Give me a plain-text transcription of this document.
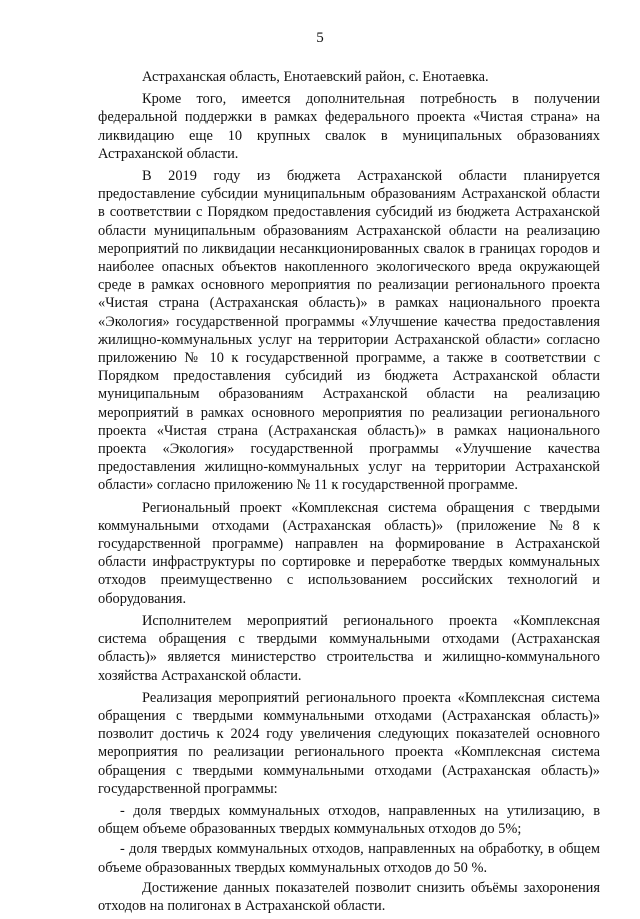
5

Астраханская область, Енотаевский район, с. Енотаевка.

Кроме того, имеется дополнительная потребность в получении федеральной поддержки в рамках федерального проекта «Чистая страна» на ликвидацию еще 10 крупных свалок в муниципальных образованиях Астраханской области.

В 2019 году из бюджета Астраханской области планируется предоставление субсидии муниципальным образованиям Астраханской области в соответствии с Порядком предоставления субсидий из бюджета Астраханской области муниципальным образованиям Астраханской области на реализацию мероприятий по ликвидации несанкционированных свалок в границах городов и наиболее опасных объектов накопленного экологического вреда окружающей среде в рамках основного мероприятия по реализации регионального проекта «Чистая страна (Астраханская область)» в рамках национального проекта «Экология» государственной программы «Улучшение качества предоставления жилищно-коммунальных услуг на территории Астраханской области» согласно приложению № 10 к государственной программе, а также в соответствии с Порядком предоставления субсидий из бюджета Астраханской области муниципальным образованиям Астраханской области на реализацию мероприятий в рамках основного мероприятия по реализации регионального проекта «Чистая страна (Астраханская область)» в рамках национального проекта «Экология» государственной программы «Улучшение качества предоставления жилищно-коммунальных услуг на территории Астраханской области» согласно приложению № 11 к государственной программе.

Региональный проект «Комплексная система обращения с твердыми коммунальными отходами (Астраханская область)» (приложение №8 к государственной программе) направлен на формирование в Астраханской области инфраструктуры по сортировке и переработке твердых коммунальных отходов преимущественно с использованием российских технологий и оборудования.

Исполнителем мероприятий регионального проекта «Комплексная система обращения с твердыми коммунальными отходами (Астраханская область)» является министерство строительства и жилищно-коммунального хозяйства Астраханской области.

Реализация мероприятий регионального проекта «Комплексная система обращения с твердыми коммунальными отходами (Астраханская область)» позволит достичь к 2024 году увеличения следующих показателей основного мероприятия по реализации регионального проекта «Комплексная система обращения с твердыми коммунальными отходами (Астраханская область)» государственной программы:

- доля твердых коммунальных отходов, направленных на утилизацию, в общем объеме образованных твердых коммунальных отходов до 5%;

- доля твердых коммунальных отходов, направленных на обработку, в общем объеме образованных твердых коммунальных отходов до 50 %.

Достижение данных показателей позволит снизить объёмы захоронения отходов на полигонах в Астраханской области.
